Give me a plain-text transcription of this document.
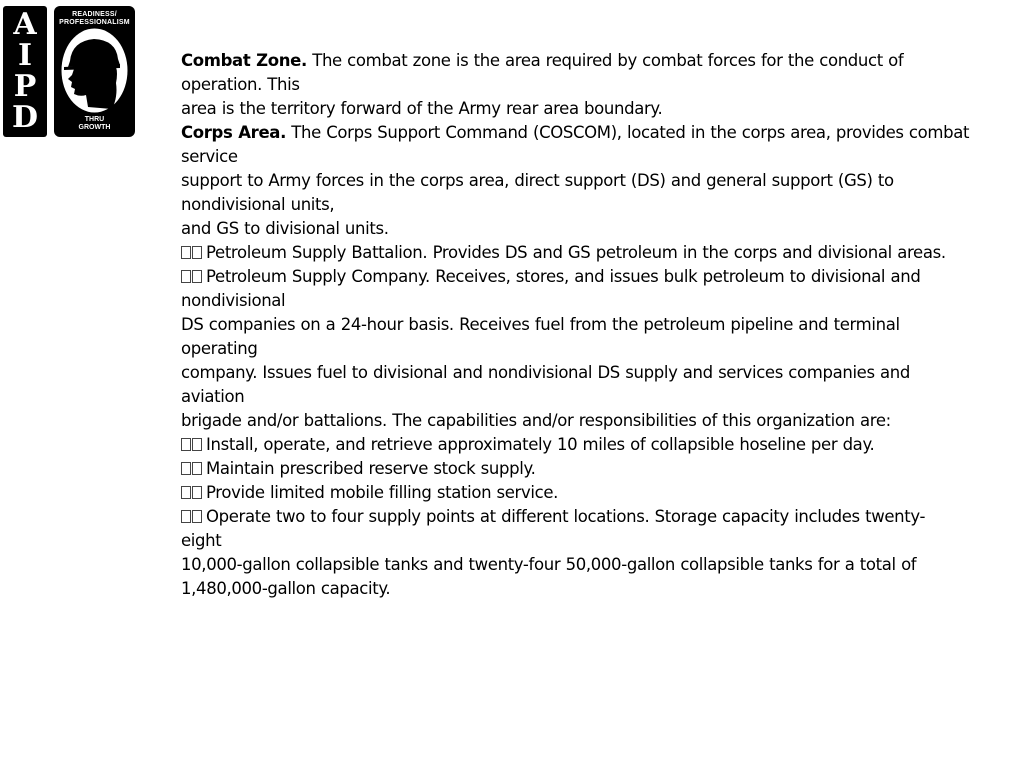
A
I
P
D
READINESS/ PROFESSIONALISM
THRU
GROWTH
Combat Zone. The combat zone is the area required by combat forces for the conduct of
operation. This
area is the territory forward of the Army rear area boundary.
Corps Area. The Corps Support Command (COSCOM), located in the corps area, provides combat
service
support to Army forces in the corps area, direct support (DS) and general support (GS) to
nondivisional units,
and GS to divisional units.
Petroleum Supply Battalion. Provides DS and GS petroleum in the corps and divisional areas.
Petroleum Supply Company. Receives, stores, and issues bulk petroleum to divisional and
nondivisional
DS companies on a 24-hour basis. Receives fuel from the petroleum pipeline and terminal
operating
company. Issues fuel to divisional and nondivisional DS supply and services companies and
aviation
brigade and/or battalions. The capabilities and/or responsibilities of this organization are:
Install, operate, and retrieve approximately 10 miles of collapsible hoseline per day.
Maintain prescribed reserve stock supply.
Provide limited mobile filling station service.
Operate two to four supply points at different locations. Storage capacity includes twenty-
eight
10,000-gallon collapsible tanks and twenty-four 50,000-gallon collapsible tanks for a total of
1,480,000-gallon capacity.
